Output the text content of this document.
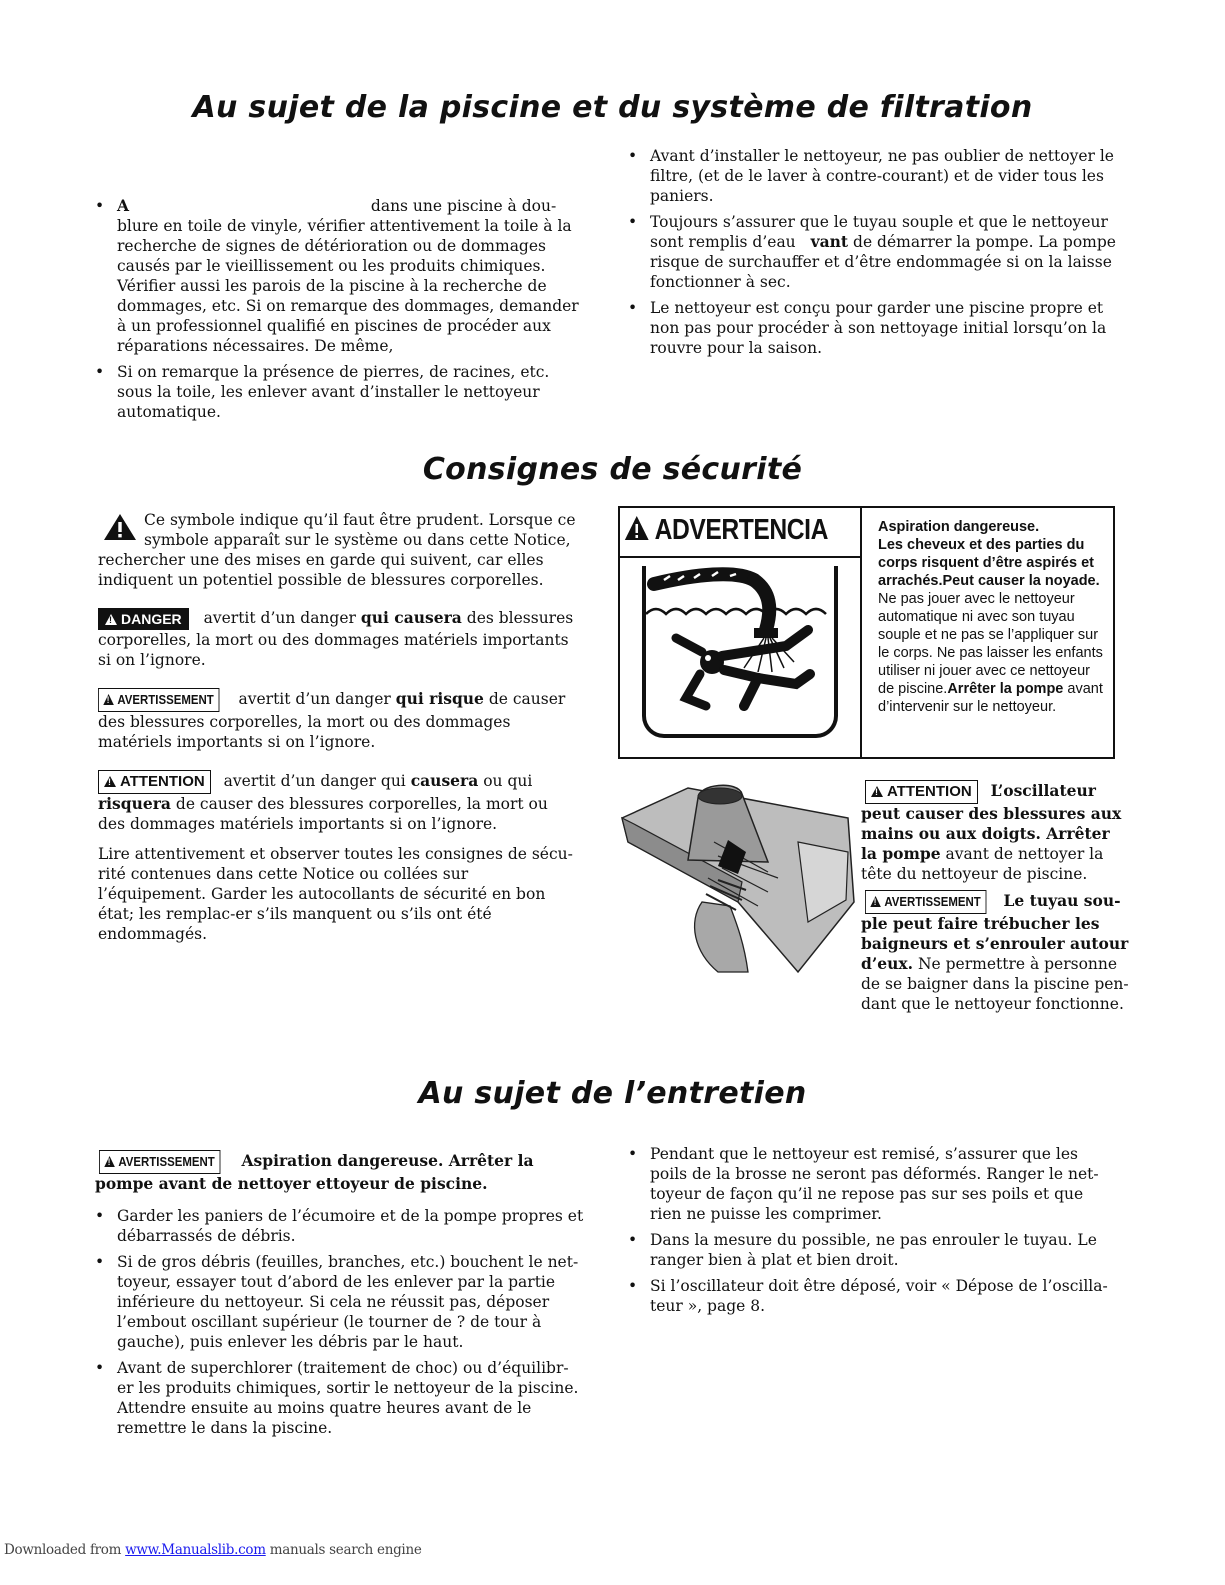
Au sujet de la piscine et du système de filtration
Consignes de sécurité
Au sujet de l’entretien
• A	dans une piscine à dou-blure en toile de vinyle, vérifier attentivement la toile à la recherche de signes de détérioration ou de dommages causés par le vieillissement ou les produits chimiques. Vérifier aussi les parois de la piscine à la recherche de dommages, etc. Si on remarque des dommages, demander à un professionnel qualifié en piscines de procéder aux réparations nécessaires. De même,
• Si on remarque la présence de pierres, de racines, etc. sous la toile, les enlever avant d’installer le nettoyeur automatique.
• Avant d’installer le nettoyeur, ne pas oublier de nettoyer le filtre, (et de le laver à contre-courant) et de vider tous les paniers.
• Toujours s’assurer que le tuyau souple et que le nettoyeur sont remplis d’eau vant de démarrer la pompe. La pompe risque de surchauffer et d’être endommagée si on la laisse fonctionner à sec.
• Le nettoyeur est conçu pour garder une piscine propre et non pas pour procéder à son nettoyage initial lorsqu’on la rouvre pour la saison.
Ce symbole indique qu’il faut être prudent. Lorsque ce symbole apparaît sur le système ou dans cette Notice, rechercher une des mises en garde qui suivent, car elles indiquent un potentiel possible de blessures corporelles.
!DANGER avertit d’un danger qui causera des blessures corporelles, la mort ou des dommages matériels importants si on l’ignore.
!AVERTISSEMENT avertit d’un danger qui risque de causer des blessures corporelles, la mort ou des dommages matériels importants si on l’ignore.
!ATTENTION avertit d’un danger qui causera ou qui risquera de causer des blessures corporelles, la mort ou des dommages matériels importants si on l’ignore.
Lire attentivement et observer toutes les consignes de sécu-rité contenues dans cette Notice ou collées sur l’équipement. Garder les autocollants de sécurité en bon état; les remplac-er s’ils manquent ou s’ils ont été endommagés.
ADVERTENCIA	Aspiration dangereuse.
Les cheveux et des parties du corps risquent d’être aspirés et arrachés.Peut causer la noyade.
Ne pas jouer avec le nettoyeur automatique ni avec son tuyau souple et ne pas se l’appliquer sur le corps. Ne pas laisser les enfants utiliser ni jouer avec ce nettoyeur de piscine.Arrêter la pompe avant d’intervenir sur le nettoyeur.
!ATTENTION L’oscillateur peut causer des blessures aux mains ou aux doigts. Arrêter la pompe avant de nettoyer la tête du nettoyeur de piscine.
!AVERTISSEMENT Le tuyau sou-ple peut faire trébucher les baigneurs et s’enrouler autour d’eux. Ne permettre à personne de se baigner dans la piscine pen-dant que le nettoyeur fonctionne.
!AVERTISSEMENT Aspiration dangereuse. Arrêter la pompe avant de nettoyer ettoyeur de piscine.
• Garder les paniers de l’écumoire et de la pompe propres et débarrassés de débris.
• Si de gros débris (feuilles, branches, etc.) bouchent le net-toyeur, essayer tout d’abord de les enlever par la partie inférieure du nettoyeur. Si cela ne réussit pas, déposer l’embout oscillant supérieur (le tourner de ? de tour à gauche), puis enlever les débris par le haut.
• Avant de superchlorer (traitement de choc) ou d’équilibr-er les produits chimiques, sortir le nettoyeur de la piscine. Attendre ensuite au moins quatre heures avant de le remettre le dans la piscine.
• Pendant que le nettoyeur est remisé, s’assurer que les poils de la brosse ne seront pas déformés. Ranger le net-toyeur de façon qu’il ne repose pas sur ses poils et que rien ne puisse les comprimer.
• Dans la mesure du possible, ne pas enrouler le tuyau. Le ranger bien à plat et bien droit.
• Si l’oscillateur doit être déposé, voir « Dépose de l’oscilla-teur », page 8.
Downloaded from www.Manualslib.com manuals search engine
